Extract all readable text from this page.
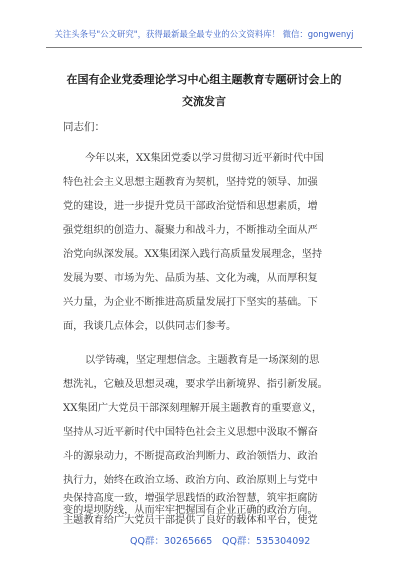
关注头条号"公文研究"，获得最新最全最专业的公文资料库！ 微信：gongwenyj
在国有企业党委理论学习中心组主题教育专题研讨会上的
交流发言
同志们：
今年以来，XX集团党委以学习贯彻习近平新时代中国
特色社会主义思想主题教育为契机，坚持党的领导、加强
党的建设，进一步提升党员干部政治觉悟和思想素质，增
强党组织的创造力、凝聚力和战斗力，不断推动全面从严
治党向纵深发展。XX集团深入践行高质量发展理念，坚持
发展为要、市场为先、品质为基、文化为魂，从而厚积复
兴力量，为企业不断推进高质量发展打下坚实的基础。下
面，我谈几点体会，以供同志们参考。
以学铸魂，坚定理想信念。主题教育是一场深刻的思
想洗礼，它触及思想灵魂，要求学出新境界、指引新发展。
XX集团广大党员干部深刻理解开展主题教育的重要意义，
坚持从习近平新时代中国特色社会主义思想中汲取不懈奋
斗的源泉动力，不断提高政治判断力、政治领悟力、政治
执行力，始终在政治立场、政治方向、政治原则上与党中
央保持高度一致，增强学思践悟的政治智慧，筑牢拒腐防
变的堤坝防线，从而牢牢把握国有企业正确的政治方向。
主题教育给广大党员干部提供了良好的载体和平台，使党
QQ群：30265665 QQ群：535304092
